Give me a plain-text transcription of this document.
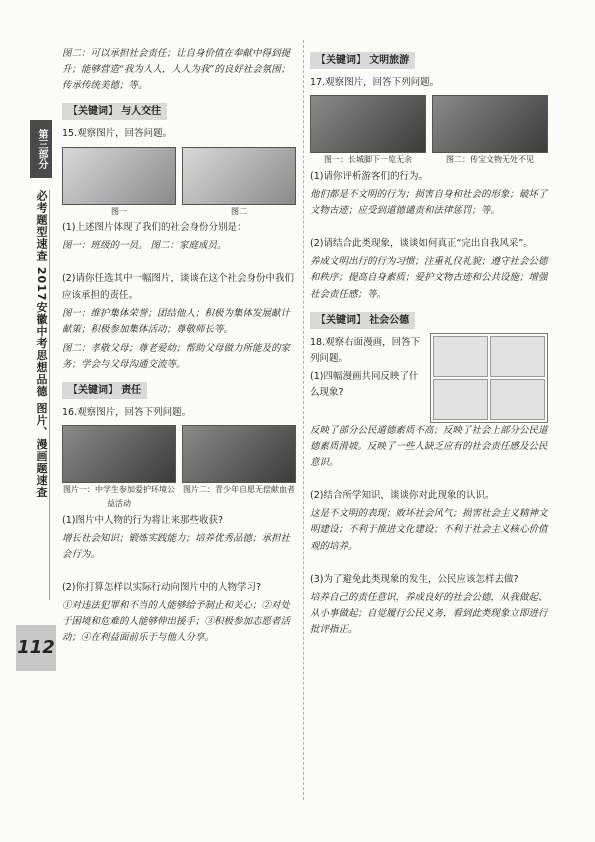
第三部分
必考题型速查 2017安徽中考思想品德 图片、漫画题速查
112
图二：可以承担社会责任；让自身价值在奉献中得到提升；能够营造“我为人人，人人为我”的良好社会氛围；传承传统美德；等。
【关键词】 与人交往
15.观察图片，回答问题。
图一	图二
(1)上述图片体现了我们的社会身份分别是：
图一：班级的一员。 图二：家庭成员。
(2)请你任选其中一幅图片，谈谈在这个社会身份中我们应该承担的责任。
图一：维护集体荣誉；团结他人；积极为集体发展献计献策；积极参加集体活动；尊敬师长等。
图二：孝敬父母；尊老爱幼；帮助父母做力所能及的家务；学会与父母沟通交流等。
【关键词】 责任
16.观察图片，回答下列问题。
图片一：中学生参加爱护环境公益活动
图片二：青少年自愿无偿献血者
(1)图片中人物的行为将让来那些收获?
增长社会知识；锻炼实践能力；培养优秀品德；承担社会行为。
(2)你打算怎样以实际行动向图片中的人物学习?
①对违法犯罪和不当的人能够给予制止和关心；②对处于困境和危难的人能够伸出援手；③积极参加志愿者活动；④在利益面前乐于与他人分享。
【关键词】 文明旅游
17.观察图片，回答下列问题。
图一：长城脚下一览无余	图二：传宝文物无处不见
(1)请你评析游客们的行为。
他们都是不文明的行为；损害自身和社会的形象；破坏了文物古迹；应受到道德谴责和法律惩罚；等。
(2)请结合此类现象，谈谈如何真正“完出自我风采”。
养成文明出行的行为习惯；注重礼仪礼貌；遵守社会公德和秩序；提高自身素质；爱护文物古迹和公共设施；增强社会责任感；等。
【关键词】 社会公德
18.观察右面漫画，回答下列问题。
(1)四幅漫画共同反映了什么现象?
反映了部分公民道德素质不高；反映了社会上部分公民道德素质滑坡。反映了一些人缺乏应有的社会责任感及公民意识。
(2)结合所学知识，谈谈你对此现象的认识。
这是不文明的表现；败坏社会风气；损害社会主义精神文明建设；不利于推进文化建设；不利于社会主义核心价值观的培养。
(3)为了避免此类现象的发生，公民应该怎样去做?
培养自己的责任意识，养成良好的社会公德，从我做起、从小事做起；自觉履行公民义务，看到此类现象立即进行批评指正。
